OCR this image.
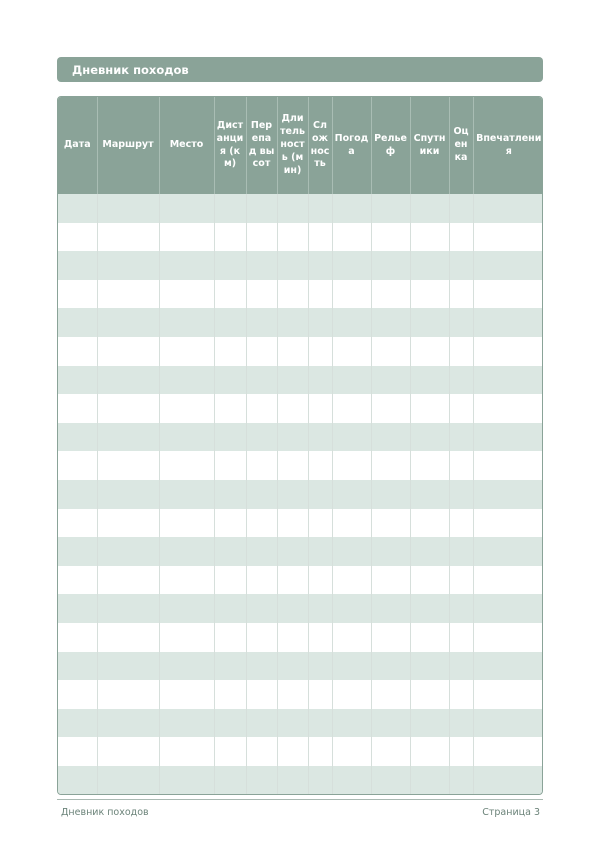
Дневник походов
Дата	Маршрут	Место	Дистанция (км)	Перепад высот	Длительность (мин)	Сложность	Погода	Рельеф	Спутники	Оценка	Впечатления

Дневник походов	Страница 3
